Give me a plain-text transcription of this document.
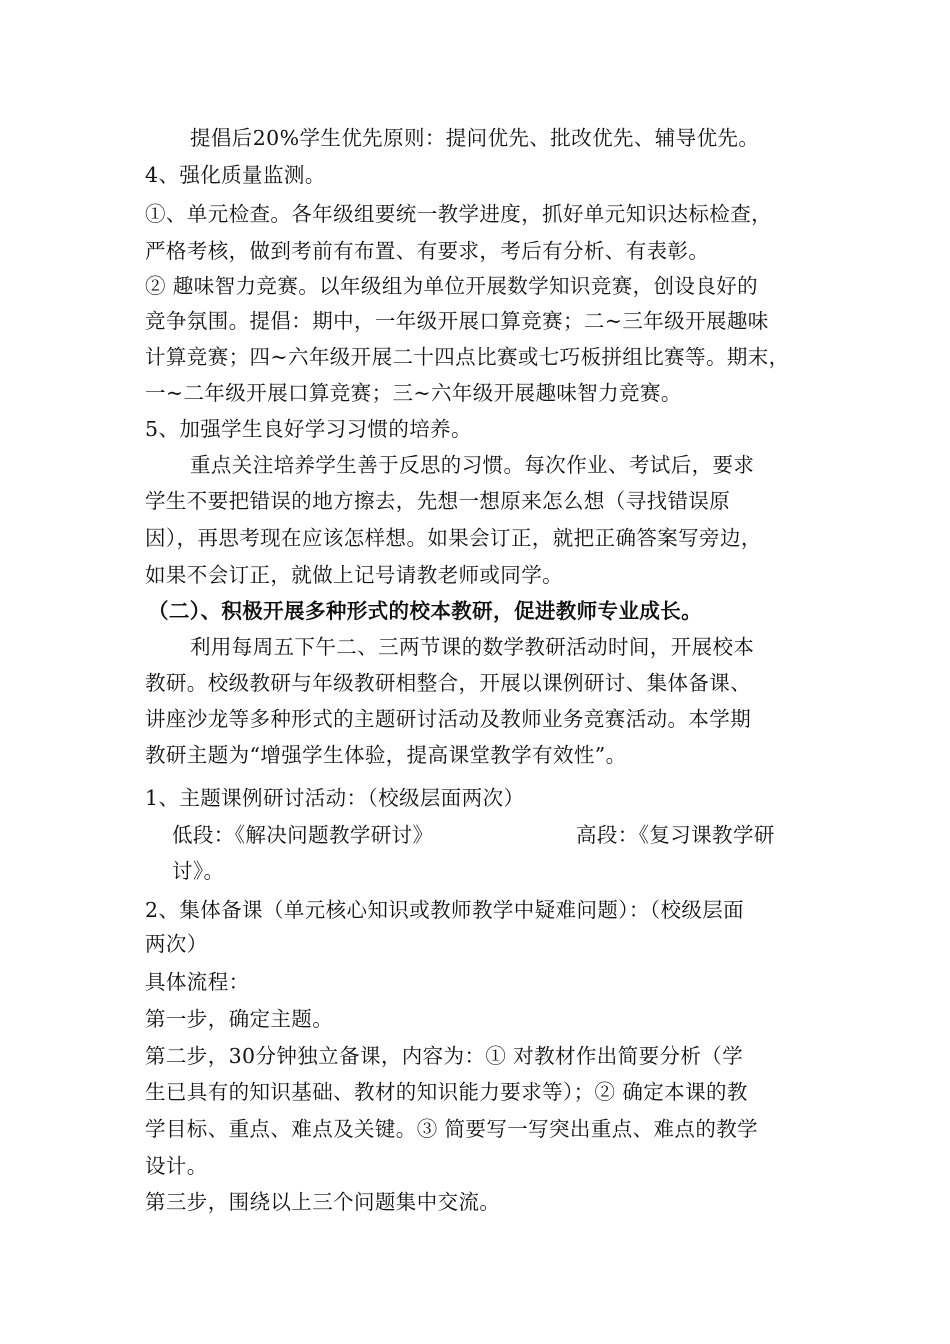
提倡后20%学生优先原则：提问优先、批改优先、辅导优先。
4、强化质量监测。
①、单元检查。各年级组要统一教学进度，抓好单元知识达标检查，
严格考核，做到考前有布置、有要求，考后有分析、有表彰。
② 趣味智力竞赛。以年级组为单位开展数学知识竞赛，创设良好的
竞争氛围。提倡：期中，一年级开展口算竞赛；二~三年级开展趣味
计算竞赛；四~六年级开展二十四点比赛或七巧板拼组比赛等。期末，
一~二年级开展口算竞赛；三~六年级开展趣味智力竞赛。
5、加强学生良好学习习惯的培养。
重点关注培养学生善于反思的习惯。每次作业、考试后，要求
学生不要把错误的地方擦去，先想一想原来怎么想（寻找错误原
因），再思考现在应该怎样想。如果会订正，就把正确答案写旁边，
如果不会订正，就做上记号请教老师或同学。
（二）、积极开展多种形式的校本教研，促进教师专业成长。
利用每周五下午二、三两节课的数学教研活动时间，开展校本
教研。校级教研与年级教研相整合，开展以课例研讨、集体备课、
讲座沙龙等多种形式的主题研讨活动及教师业务竞赛活动。本学期
教研主题为“增强学生体验，提高课堂教学有效性”。
1、主题课例研讨活动：（校级层面两次）
低段：《解决问题教学研讨》	高段：《复习课教学研
讨》。
2、集体备课（单元核心知识或教师教学中疑难问题）：（校级层面
两次）
具体流程：
第一步，确定主题。
第二步，30分钟独立备课，内容为：① 对教材作出简要分析（学
生已具有的知识基础、教材的知识能力要求等）；② 确定本课的教
学目标、重点、难点及关键。③ 简要写一写突出重点、难点的教学
设计。
第三步，围绕以上三个问题集中交流。
